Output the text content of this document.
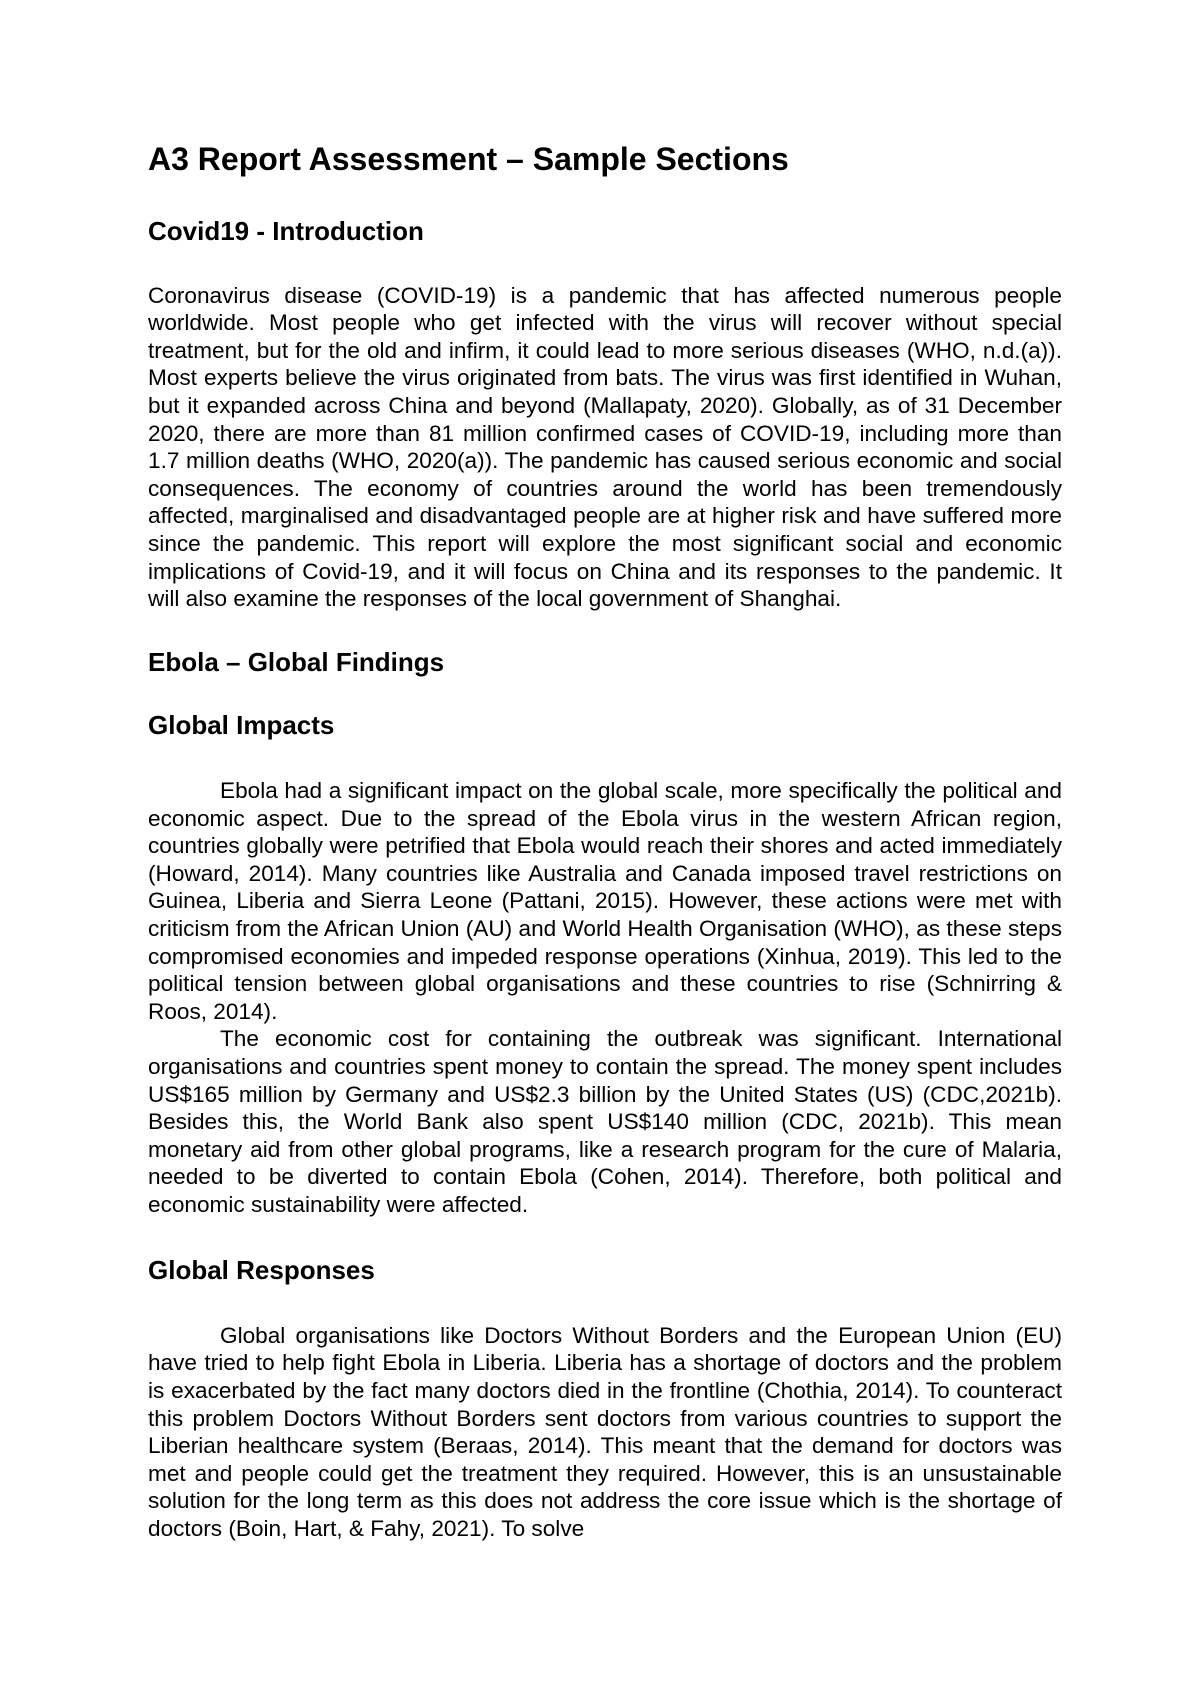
A3 Report Assessment – Sample Sections
Covid19 - Introduction

Coronavirus disease (COVID-19) is a pandemic that has affected numerous people worldwide. Most people who get infected with the virus will recover without special treatment, but for the old and infirm, it could lead to more serious diseases (WHO, n.d.(a)). Most experts believe the virus originated from bats. The virus was first identified in Wuhan, but it expanded across China and beyond (Mallapaty, 2020). Globally, as of 31 December 2020, there are more than 81 million confirmed cases of COVID-19, including more than 1.7 million deaths (WHO, 2020(a)). The pandemic has caused serious economic and social consequences. The economy of countries around the world has been tremendously affected, marginalised and disadvantaged people are at higher risk and have suffered more since the pandemic. This report will explore the most significant social and economic implications of Covid-19, and it will focus on China and its responses to the pandemic. It will also examine the responses of the local government of Shanghai.

Ebola – Global Findings
Global Impacts

Ebola had a significant impact on the global scale, more specifically the political and economic aspect. Due to the spread of the Ebola virus in the western African region, countries globally were petrified that Ebola would reach their shores and acted immediately (Howard, 2014). Many countries like Australia and Canada imposed travel restrictions on Guinea, Liberia and Sierra Leone (Pattani, 2015). However, these actions were met with criticism from the African Union (AU) and World Health Organisation (WHO), as these steps compromised economies and impeded response operations (Xinhua, 2019). This led to the political tension between global organisations and these countries to rise (Schnirring & Roos, 2014).

The economic cost for containing the outbreak was significant. International organisations and countries spent money to contain the spread. The money spent includes US$165 million by Germany and US$2.3 billion by the United States (US) (CDC,2021b). Besides this, the World Bank also spent US$140 million (CDC, 2021b). This mean monetary aid from other global programs, like a research program for the cure of Malaria, needed to be diverted to contain Ebola (Cohen, 2014). Therefore, both political and economic sustainability were affected.

Global Responses

Global organisations like Doctors Without Borders and the European Union (EU) have tried to help fight Ebola in Liberia. Liberia has a shortage of doctors and the problem is exacerbated by the fact many doctors died in the frontline (Chothia, 2014). To counteract this problem Doctors Without Borders sent doctors from various countries to support the Liberian healthcare system (Beraas, 2014). This meant that the demand for doctors was met and people could get the treatment they required. However, this is an unsustainable solution for the long term as this does not address the core issue which is the shortage of doctors (Boin, Hart, & Fahy, 2021). To solve
